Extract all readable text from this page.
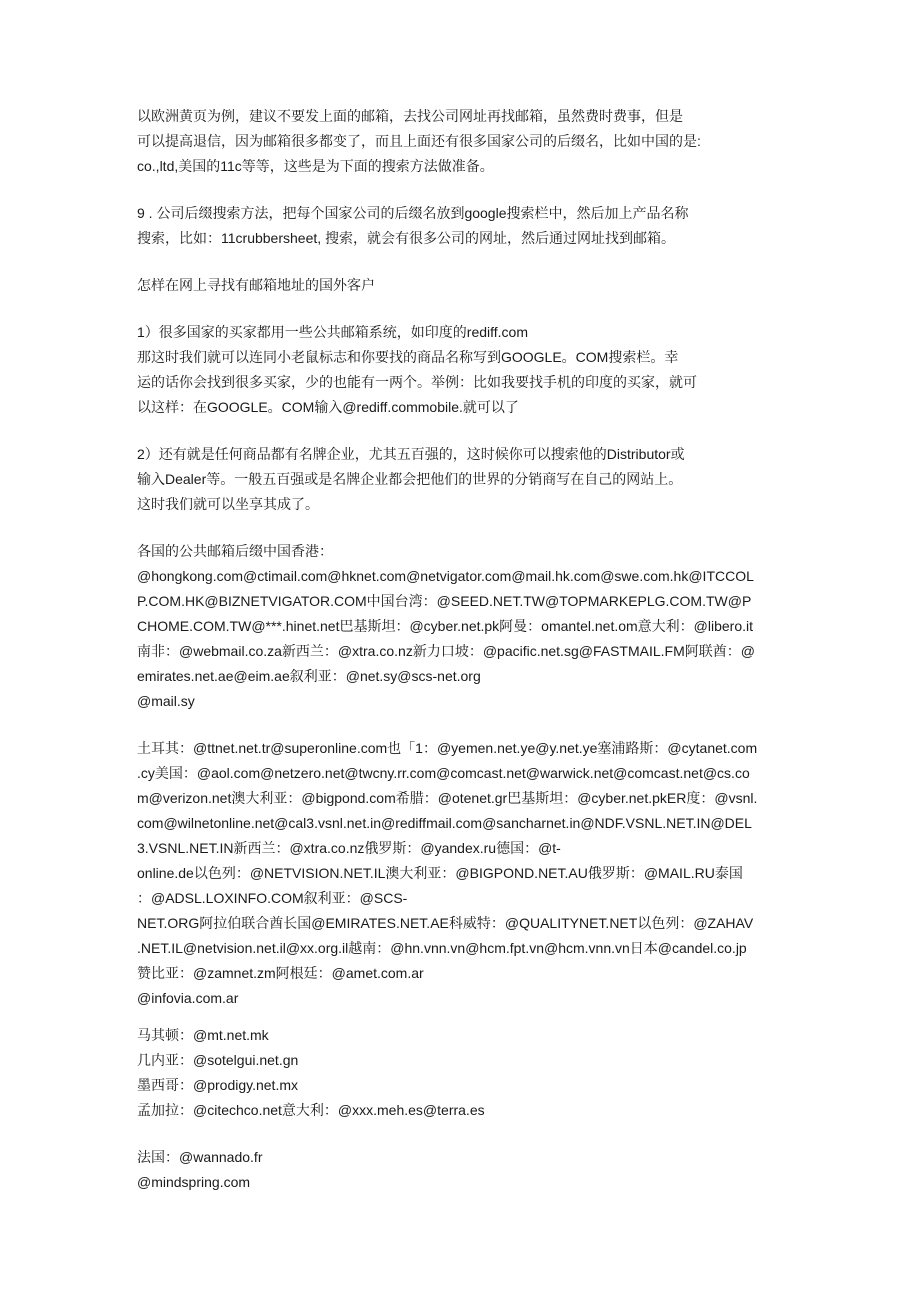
以欧洲黄页为例，建议不要发上面的邮箱，去找公司网址再找邮箱，虽然费时费事，但是
可以提高退信，因为邮箱很多都变了，而且上面还有很多国家公司的后缀名，比如中国的是:
co.,ltd,美国的11c等等，这些是为下面的搜索方法做准备。
9 . 公司后缀搜索方法，把每个国家公司的后缀名放到google搜索栏中，然后加上产品名称
搜索，比如：11crubbersheet, 搜索，就会有很多公司的网址，然后通过网址找到邮箱。
怎样在网上寻找有邮箱地址的国外客户
1）很多国家的买家都用一些公共邮箱系统，如印度的rediff.com
那这时我们就可以连同小老鼠标志和你要找的商品名称写到GOOGLE。COM搜索栏。幸
运的话你会找到很多买家，少的也能有一两个。举例：比如我要找手机的印度的买家，就可
以这样：在GOOGLE。COM输入@rediff.commobile.就可以了
2）还有就是任何商品都有名牌企业，尤其五百强的，这时候你可以搜索他的Distributor或
输入Dealer等。一般五百强或是名牌企业都会把他们的世界的分销商写在自己的网站上。
这时我们就可以坐享其成了。
各国的公共邮箱后缀中国香港：
@hongkong.com@ctimail.com@hknet.com@netvigator.com@mail.hk.com@swe.com.hk@ITCCOL
P.COM.HK@BIZNETVIGATOR.COM中国台湾：@SEED.NET.TW@TOPMARKEPLG.COM.TW@P
CHOME.COM.TW@***.hinet.net巴基斯坦：@cyber.net.pk阿曼：omantel.net.om意大利：@libero.it
南非：@webmail.co.za新西兰：@xtra.co.nz新力口坡：@pacific.net.sg@FASTMAIL.FM阿联酋：@
emirates.net.ae@eim.ae叙利亚：@net.sy@scs-net.org
@mail.sy
土耳其：@ttnet.net.tr@superonline.com也「1：@yemen.net.ye@y.net.ye塞浦路斯：@cytanet.com
.cy美国：@aol.com@netzero.net@twcny.rr.com@comcast.net@warwick.net@comcast.net@cs.co
m@verizon.net澳大利亚：@bigpond.com希腊：@otenet.gr巴基斯坦：@cyber.net.pkER度：@vsnl.
com@wilnetonline.net@cal3.vsnl.net.in@rediffmail.com@sancharnet.in@NDF.VSNL.NET.IN@DEL
3.VSNL.NET.IN新西兰：@xtra.co.nz俄罗斯：@yandex.ru德国：@t-
online.de以色列：@NETVISION.NET.IL澳大利亚：@BIGPOND.NET.AU俄罗斯：@MAIL.RU泰国
：@ADSL.LOXINFO.COM叙利亚：@SCS-
NET.ORG阿拉伯联合酋长国@EMIRATES.NET.AE科威特：@QUALITYNET.NET以色列：@ZAHAV
.NET.IL@netvision.net.il@xx.org.il越南：@hn.vnn.vn@hcm.fpt.vn@hcm.vnn.vn日本@candel.co.jp
赞比亚：@zamnet.zm阿根廷：@amet.com.ar
@infovia.com.ar
马其顿：@mt.net.mk
几内亚：@sotelgui.net.gn
墨西哥：@prodigy.net.mx
孟加拉：@citechco.net意大利：@xxx.meh.es@terra.es
法国：@wannado.fr
@mindspring.com
